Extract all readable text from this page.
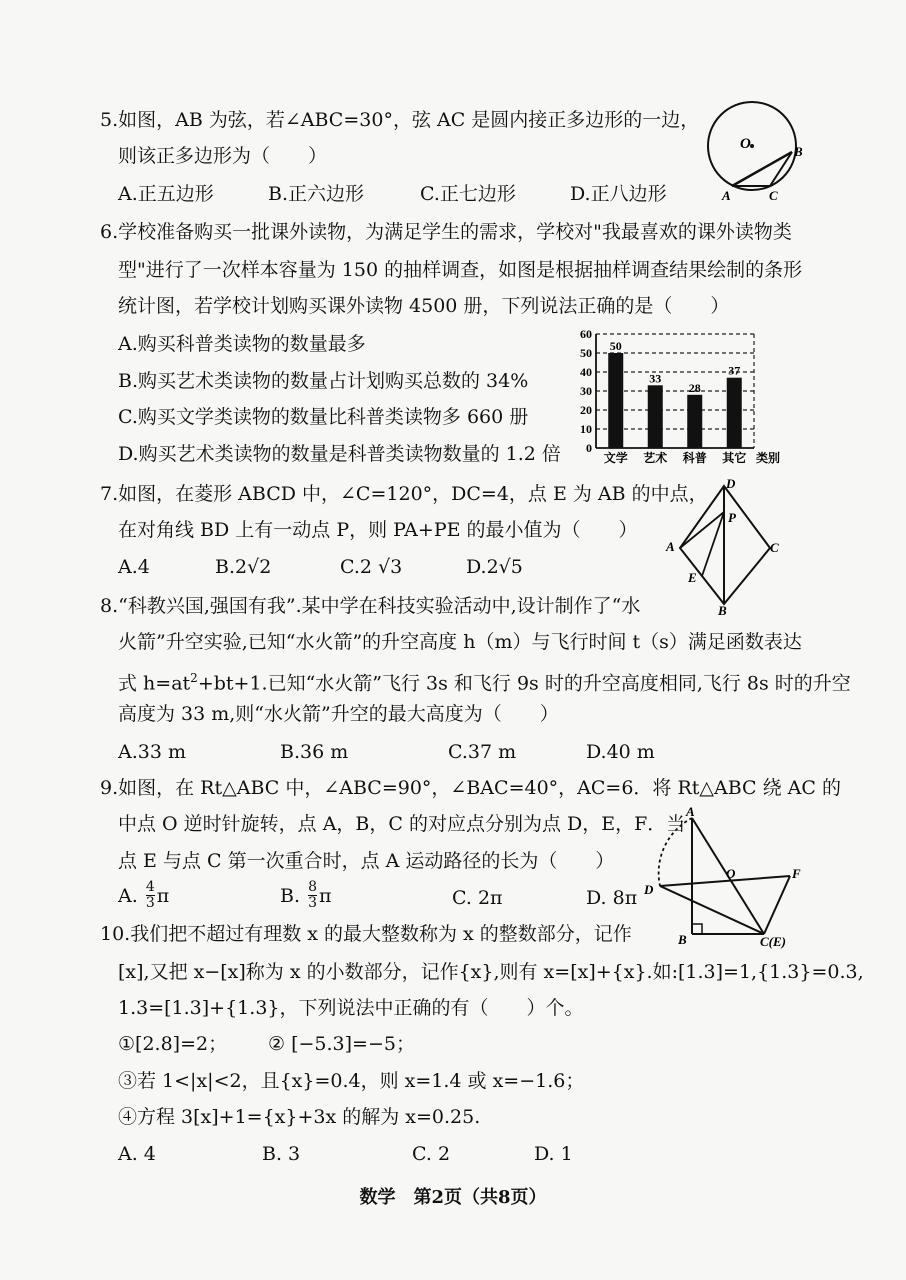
5.如图，AB 为弦，若∠ABC=30°，弦 AC 是圆内接正多边形的一边，
则该正多边形为（　　）
A.正五边形	B.正六边形	C.正七边形	D.正八边形
O	B
A	C
6.学校准备购买一批课外读物，为满足学生的需求，学校对"我最喜欢的课外读物类
型"进行了一次样本容量为 150 的抽样调查，如图是根据抽样调查结果绘制的条形
统计图，若学校计划购买课外读物 4500 册，下列说法正确的是（　　）
A.购买科普类读物的数量最多
B.购买艺术类读物的数量占计划购买总数的 34%
C.购买文学类读物的数量比科普类读物多 660 册
D.购买艺术类读物的数量是科普类读物数量的 1.2 倍 0
10
20
30
40
50
60
50
文学
33
艺术
28
科普
37
其它 类别
7.如图，在菱形 ABCD 中，∠C=120°，DC=4，点 E 为 AB 的中点，
在对角线 BD 上有一动点 P，则 PA+PE 的最小值为（　　）
A.4	B.2√2	C.2 √3	D.2√5
D
P
A	C
E
B
8.“科教兴国,强国有我”.某中学在科技实验活动中,设计制作了“水
火箭”升空实验,已知“水火箭”的升空高度 h（m）与飞行时间 t（s）满足函数表达
式 $h=at^2+bt+1$.已知“水火箭”飞行 3s 和飞行 9s 时的升空高度相同,飞行 8s 时的升空
高度为 33 m,则“水火箭”升空的最大高度为（　　）
A.33 m	B.36 m	C.37 m	D.40 m
9.如图，在 Rt△ABC 中，∠ABC=90°，∠BAC=40°，AC=6．将 Rt△ABC 绕 AC 的
中点 O 逆时针旋转，点 A，B，C 的对应点分别为点 D，E，F．当
点 E 与点 C 第一次重合时，点 A 运动路径的长为（　　）
A. $\frac{4}{3}$ π	B. $\frac{8}{3}$ π	C. 2π	D. 8π
A
O	F
D
B	C(E)
10.我们把不超过有理数 x 的最大整数称为 x 的整数部分，记作
[x],又把 x−[x]称为 x 的小数部分，记作{x},则有 x=[x]+{x}.如:[1.3]=1,{1.3}=0.3,
1.3=[1.3]+{1.3}，下列说法中正确的有（　　）个。
①[2.8]=2； ② [−5.3]=−5；
③若 1<|x|<2，且{x}=0.4，则 x=1.4 或 x=−1.6；
④方程 3[x]+1={x}+3x 的解为 x=0.25.
A. 4	B. 3	C. 2	D. 1
数学　第2页（共8页）
